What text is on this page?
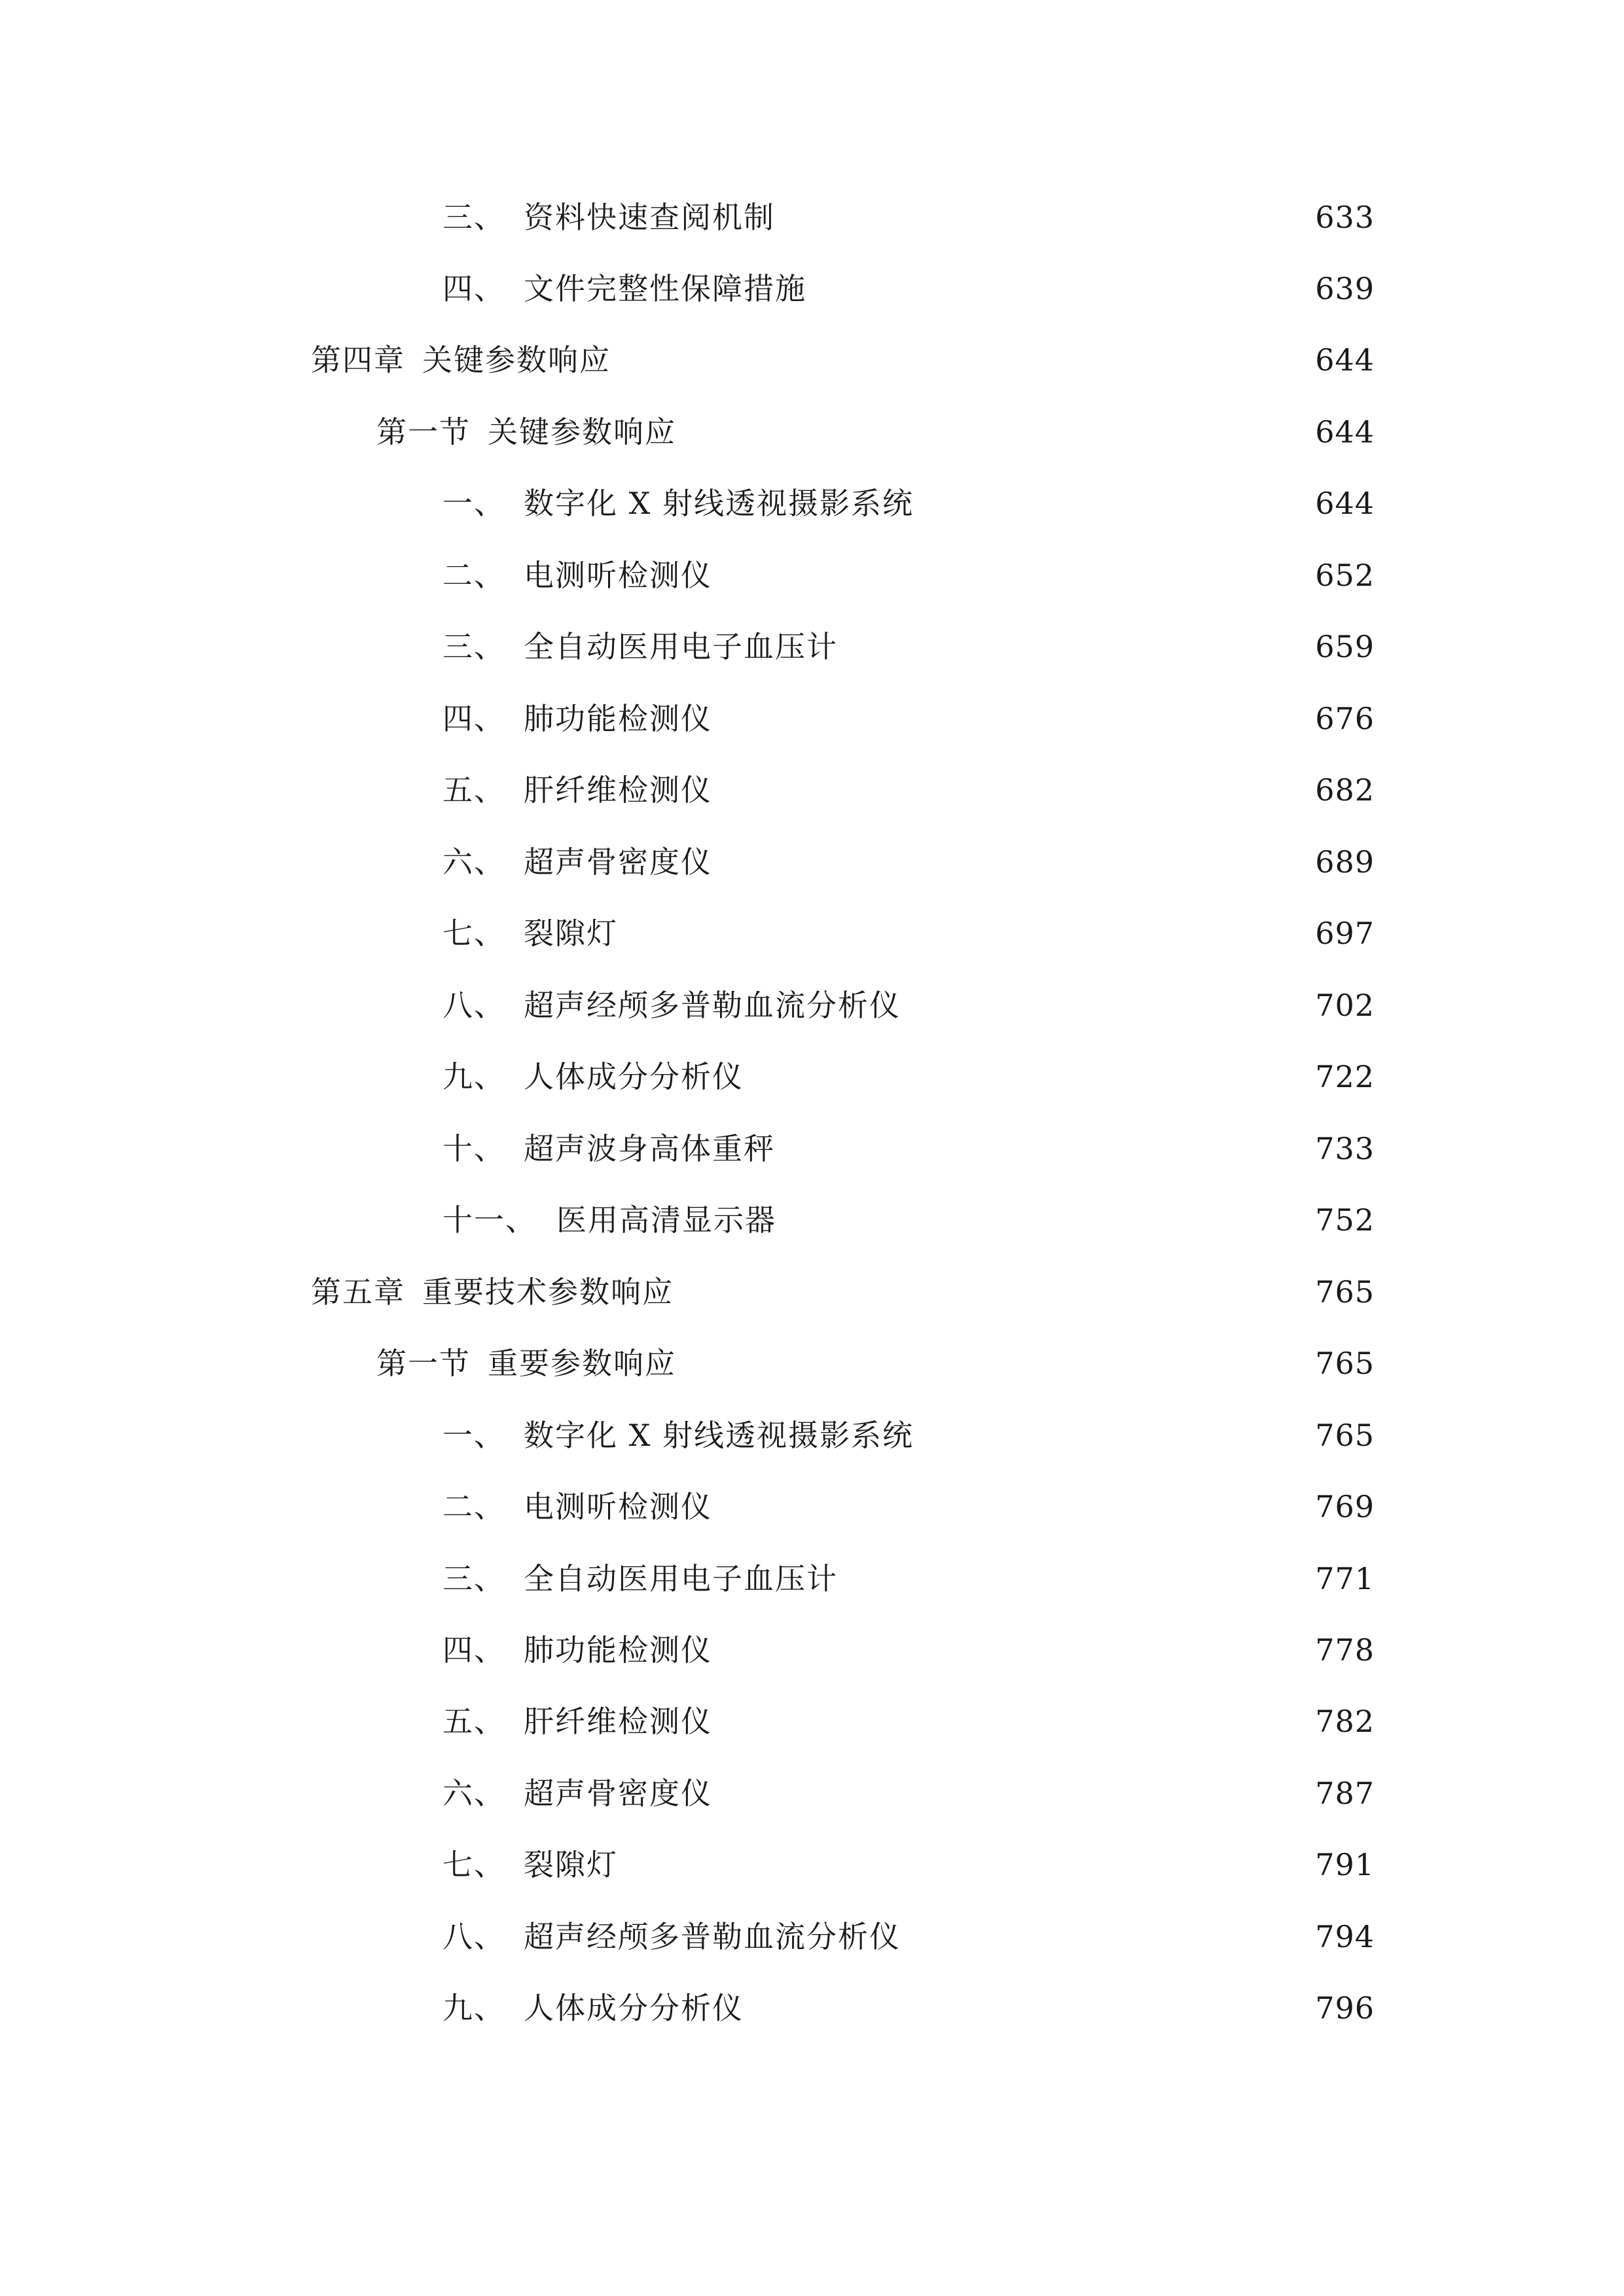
三、 资料快速查阅机制	633
四、 文件完整性保障措施	639
第四章 关键参数响应	644
第一节 关键参数响应	644
一、 数字化 X 射线透视摄影系统	644
二、 电测听检测仪	652
三、 全自动医用电子血压计	659
四、 肺功能检测仪	676
五、 肝纤维检测仪	682
六、 超声骨密度仪	689
七、 裂隙灯	697
八、 超声经颅多普勒血流分析仪	702
九、 人体成分分析仪	722
十、 超声波身高体重秤	733
十一、 医用高清显示器	752
第五章 重要技术参数响应	765
第一节 重要参数响应	765
一、 数字化 X 射线透视摄影系统	765
二、 电测听检测仪	769
三、 全自动医用电子血压计	771
四、 肺功能检测仪	778
五、 肝纤维检测仪	782
六、 超声骨密度仪	787
七、 裂隙灯	791
八、 超声经颅多普勒血流分析仪	794
九、 人体成分分析仪	796
